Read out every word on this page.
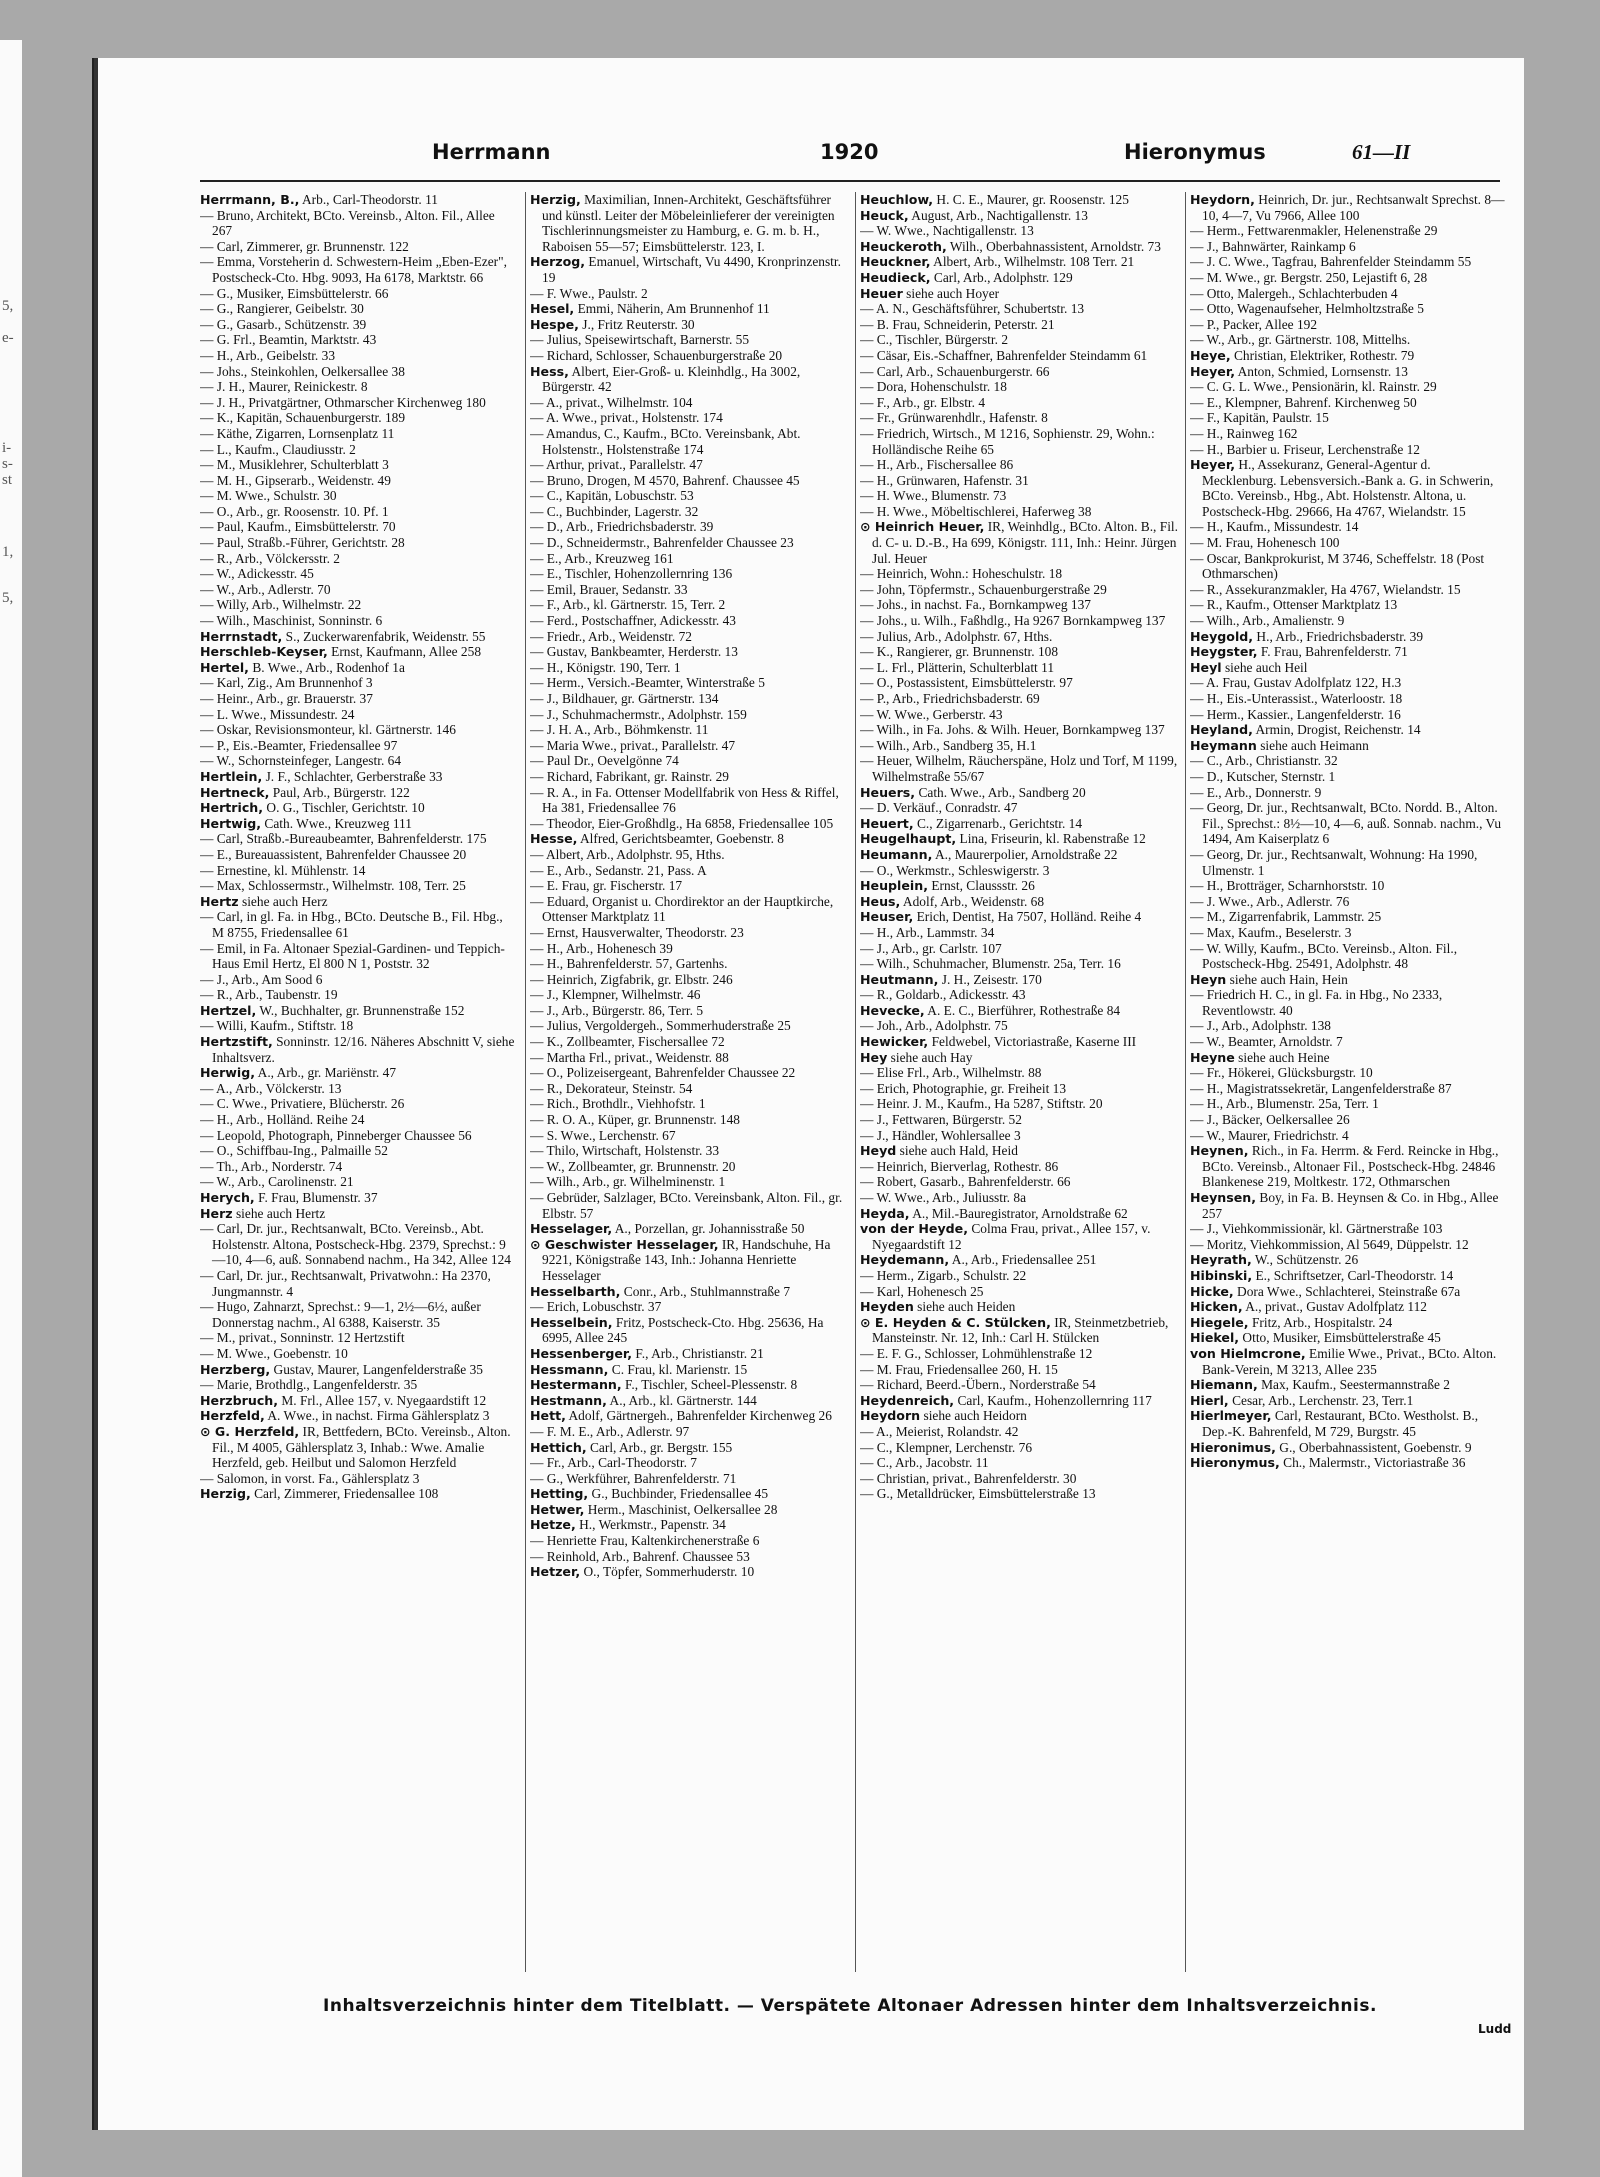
5,
e-
i-
s-
st
1,
5,
Herrmann	1920	Hieronymus	61—II

Herrmann, B., Arb., Carl-Theodorstr. 11

— Bruno, Architekt, BCto. Vereinsb., Alton. Fil., Allee 267

— Carl, Zimmerer, gr. Brunnenstr. 122

— Emma, Vorsteherin d. Schwestern-Heim „Eben-Ezer", Postscheck-Cto. Hbg. 9093, Ha 6178, Marktstr. 66

— G., Musiker, Eimsbüttelerstr. 66

— G., Rangierer, Geibelstr. 30

— G., Gasarb., Schützenstr. 39

— G. Frl., Beamtin, Marktstr. 43

— H., Arb., Geibelstr. 33

— Johs., Steinkohlen, Oelkersallee 38

— J. H., Maurer, Reinickestr. 8

— J. H., Privatgärtner, Othmarscher Kirchenweg 180

— K., Kapitän, Schauenburgerstr. 189

— Käthe, Zigarren, Lornsenplatz 11

— L., Kaufm., Claudiusstr. 2

— M., Musiklehrer, Schulterblatt 3

— M. H., Gipserarb., Weidenstr. 49

— M. Wwe., Schulstr. 30

— O., Arb., gr. Roosenstr. 10. Pf. 1

— Paul, Kaufm., Eimsbüttelerstr. 70

— Paul, Straßb.-Führer, Gerichtstr. 28

— R., Arb., Völckersstr. 2

— W., Adickesstr. 45

— W., Arb., Adlerstr. 70

— Willy, Arb., Wilhelmstr. 22

— Wilh., Maschinist, Sonninstr. 6

Herrnstadt, S., Zuckerwarenfabrik, Weidenstr. 55

Herschleb-Keyser, Ernst, Kaufmann, Allee 258

Hertel, B. Wwe., Arb., Rodenhof 1a

— Karl, Zig., Am Brunnenhof 3

— Heinr., Arb., gr. Brauerstr. 37

— L. Wwe., Missundestr. 24

— Oskar, Revisionsmonteur, kl. Gärtnerstr. 146

— P., Eis.-Beamter, Friedensallee 97

— W., Schornsteinfeger, Langestr. 64

Hertlein, J. F., Schlachter, Gerberstraße 33

Hertneck, Paul, Arb., Bürgerstr. 122

Hertrich, O. G., Tischler, Gerichtstr. 10

Hertwig, Cath. Wwe., Kreuzweg 111

— Carl, Straßb.-Bureaubeamter, Bahrenfelderstr. 175

— E., Bureauassistent, Bahrenfelder Chaussee 20

— Ernestine, kl. Mühlenstr. 14

— Max, Schlossermstr., Wilhelmstr. 108, Terr. 25

Hertz siehe auch Herz

— Carl, in gl. Fa. in Hbg., BCto. Deutsche B., Fil. Hbg., M 8755, Friedensallee 61

— Emil, in Fa. Altonaer Spezial-Gardinen- und Teppich-Haus Emil Hertz, El 800 N 1, Poststr. 32

— J., Arb., Am Sood 6

— R., Arb., Taubenstr. 19

Hertzel, W., Buchhalter, gr. Brunnenstraße 152

— Willi, Kaufm., Stiftstr. 18

Hertzstift, Sonninstr. 12/16. Näheres Abschnitt V, siehe Inhaltsverz.

Herwig, A., Arb., gr. Mariënstr. 47

— A., Arb., Völckerstr. 13

— C. Wwe., Privatiere, Blücherstr. 26

— H., Arb., Holländ. Reihe 24

— Leopold, Photograph, Pinneberger Chaussee 56

— O., Schiffbau-Ing., Palmaille 52

— Th., Arb., Norderstr. 74

— W., Arb., Carolinenstr. 21

Herych, F. Frau, Blumenstr. 37

Herz siehe auch Hertz

— Carl, Dr. jur., Rechtsanwalt, BCto. Vereinsb., Abt. Holstenstr. Altona, Postscheck-Hbg. 2379, Sprechst.: 9—10, 4—6, auß. Sonnabend nachm., Ha 342, Allee 124

— Carl, Dr. jur., Rechtsanwalt, Privatwohn.: Ha 2370, Jungmannstr. 4

— Hugo, Zahnarzt, Sprechst.: 9—1, 2½—6½, außer Donnerstag nachm., Al 6388, Kaiserstr. 35

— M., privat., Sonninstr. 12 Hertzstift

— M. Wwe., Goebenstr. 10

Herzberg, Gustav, Maurer, Langenfelderstraße 35

— Marie, Brothdlg., Langenfelderstr. 35

Herzbruch, M. Frl., Allee 157, v. Nyegaardstift 12

Herzfeld, A. Wwe., in nachst. Firma Gählersplatz 3

⊙ G. Herzfeld, IR, Bettfedern, BCto. Vereinsb., Alton. Fil., M 4005, Gählersplatz 3, Inhab.: Wwe. Amalie Herzfeld, geb. Heilbut und Salomon Herzfeld

— Salomon, in vorst. Fa., Gählersplatz 3

Herzig, Carl, Zimmerer, Friedensallee 108

Herzig, Maximilian, Innen-Architekt, Geschäftsführer und künstl. Leiter der Möbeleinlieferer der vereinigten Tischlerinnungsmeister zu Hamburg, e. G. m. b. H., Raboisen 55—57; Eimsbüttelerstr. 123, I.

Herzog, Emanuel, Wirtschaft, Vu 4490, Kronprinzenstr. 19

— F. Wwe., Paulstr. 2

Hesel, Emmi, Näherin, Am Brunnenhof 11

Hespe, J., Fritz Reuterstr. 30

— Julius, Speisewirtschaft, Barnerstr. 55

— Richard, Schlosser, Schauenburgerstraße 20

Hess, Albert, Eier-Groß- u. Kleinhdlg., Ha 3002, Bürgerstr. 42

— A., privat., Wilhelmstr. 104

— A. Wwe., privat., Holstenstr. 174

— Amandus, C., Kaufm., BCto. Vereinsbank, Abt. Holstenstr., Holstenstraße 174

— Arthur, privat., Parallelstr. 47

— Bruno, Drogen, M 4570, Bahrenf. Chaussee 45

— C., Kapitän, Lobuschstr. 53

— C., Buchbinder, Lagerstr. 32

— D., Arb., Friedrichsbaderstr. 39

— D., Schneidermstr., Bahrenfelder Chaussee 23

— E., Arb., Kreuzweg 161

— E., Tischler, Hohenzollernring 136

— Emil, Brauer, Sedanstr. 33

— F., Arb., kl. Gärtnerstr. 15, Terr. 2

— Ferd., Postschaffner, Adickesstr. 43

— Friedr., Arb., Weidenstr. 72

— Gustav, Bankbeamter, Herderstr. 13

— H., Königstr. 190, Terr. 1

— Herm., Versich.-Beamter, Winterstraße 5

— J., Bildhauer, gr. Gärtnerstr. 134

— J., Schuhmachermstr., Adolphstr. 159

— J. H. A., Arb., Böhmkenstr. 11

— Maria Wwe., privat., Parallelstr. 47

— Paul Dr., Oevelgönne 74

— Richard, Fabrikant, gr. Rainstr. 29

— R. A., in Fa. Ottenser Modellfabrik von Hess & Riffel, Ha 381, Friedensallee 76

— Theodor, Eier-Großhdlg., Ha 6858, Friedensallee 105

Hesse, Alfred, Gerichtsbeamter, Goebenstr. 8

— Albert, Arb., Adolphstr. 95, Hths.

— E., Arb., Sedanstr. 21, Pass. A

— E. Frau, gr. Fischerstr. 17

— Eduard, Organist u. Chordirektor an der Hauptkirche, Ottenser Marktplatz 11

— Ernst, Hausverwalter, Theodorstr. 23

— H., Arb., Hohenesch 39

— H., Bahrenfelderstr. 57, Gartenhs.

— Heinrich, Zigfabrik, gr. Elbstr. 246

— J., Klempner, Wilhelmstr. 46

— J., Arb., Bürgerstr. 86, Terr. 5

— Julius, Vergoldergeh., Sommerhuderstraße 25

— K., Zollbeamter, Fischersallee 72

— Martha Frl., privat., Weidenstr. 88

— O., Polizeisergeant, Bahrenfelder Chaussee 22

— R., Dekorateur, Steinstr. 54

— Rich., Brothdlr., Viehhofstr. 1

— R. O. A., Küper, gr. Brunnenstr. 148

— S. Wwe., Lerchenstr. 67

— Thilo, Wirtschaft, Holstenstr. 33

— W., Zollbeamter, gr. Brunnenstr. 20

— Wilh., Arb., gr. Wilhelminenstr. 1

— Gebrüder, Salzlager, BCto. Vereinsbank, Alton. Fil., gr. Elbstr. 57

Hesselager, A., Porzellan, gr. Johannisstraße 50

⊙ Geschwister Hesselager, IR, Handschuhe, Ha 9221, Königstraße 143, Inh.: Johanna Henriette Hesselager

Hesselbarth, Conr., Arb., Stuhlmannstraße 7

— Erich, Lobuschstr. 37

Hesselbein, Fritz, Postscheck-Cto. Hbg. 25636, Ha 6995, Allee 245

Hessenberger, F., Arb., Christianstr. 21

Hessmann, C. Frau, kl. Marienstr. 15

Hestermann, F., Tischler, Scheel-Plessenstr. 8

Hestmann, A., Arb., kl. Gärtnerstr. 144

Hett, Adolf, Gärtnergeh., Bahrenfelder Kirchenweg 26

— F. M. E., Arb., Adlerstr. 97

Hettich, Carl, Arb., gr. Bergstr. 155

— Fr., Arb., Carl-Theodorstr. 7

— G., Werkführer, Bahrenfelderstr. 71

Hetting, G., Buchbinder, Friedensallee 45

Hetwer, Herm., Maschinist, Oelkersallee 28

Hetze, H., Werkmstr., Papenstr. 34

— Henriette Frau, Kaltenkirchenerstraße 6

— Reinhold, Arb., Bahrenf. Chaussee 53

Hetzer, O., Töpfer, Sommerhuderstr. 10

Heuchlow, H. C. E., Maurer, gr. Roosenstr. 125

Heuck, August, Arb., Nachtigallenstr. 13

— W. Wwe., Nachtigallenstr. 13

Heuckeroth, Wilh., Oberbahnassistent, Arnoldstr. 73

Heuckner, Albert, Arb., Wilhelmstr. 108 Terr. 21

Heudieck, Carl, Arb., Adolphstr. 129

Heuer siehe auch Hoyer

— A. N., Geschäftsführer, Schubertstr. 13

— B. Frau, Schneiderin, Peterstr. 21

— C., Tischler, Bürgerstr. 2

— Cäsar, Eis.-Schaffner, Bahrenfelder Steindamm 61

— Carl, Arb., Schauenburgerstr. 66

— Dora, Hohenschulstr. 18

— F., Arb., gr. Elbstr. 4

— Fr., Grünwarenhdlr., Hafenstr. 8

— Friedrich, Wirtsch., M 1216, Sophienstr. 29, Wohn.: Holländische Reihe 65

— H., Arb., Fischersallee 86

— H., Grünwaren, Hafenstr. 31

— H. Wwe., Blumenstr. 73

— H. Wwe., Möbeltischlerei, Haferweg 38

⊙ Heinrich Heuer, IR, Weinhdlg., BCto. Alton. B., Fil. d. C- u. D.-B., Ha 699, Königstr. 111, Inh.: Heinr. Jürgen Jul. Heuer

— Heinrich, Wohn.: Hoheschulstr. 18

— John, Töpfermstr., Schauenburgerstraße 29

— Johs., in nachst. Fa., Bornkampweg 137

— Johs., u. Wilh., Faßhdlg., Ha 9267 Bornkampweg 137

— Julius, Arb., Adolphstr. 67, Hths.

— K., Rangierer, gr. Brunnenstr. 108

— L. Frl., Plätterin, Schulterblatt 11

— O., Postassistent, Eimsbüttelerstr. 97

— P., Arb., Friedrichsbaderstr. 69

— W. Wwe., Gerberstr. 43

— Wilh., in Fa. Johs. & Wilh. Heuer, Bornkampweg 137

— Wilh., Arb., Sandberg 35, H.1

— Heuer, Wilhelm, Räucherspäne, Holz und Torf, M 1199, Wilhelmstraße 55/67

Heuers, Cath. Wwe., Arb., Sandberg 20

— D. Verkäuf., Conradstr. 47

Heuert, C., Zigarrenarb., Gerichtstr. 14

Heugelhaupt, Lina, Friseurin, kl. Rabenstraße 12

Heumann, A., Maurerpolier, Arnoldstraße 22

— O., Werkmstr., Schleswigerstr. 3

Heuplein, Ernst, Claussstr. 26

Heus, Adolf, Arb., Weidenstr. 68

Heuser, Erich, Dentist, Ha 7507, Holländ. Reihe 4

— H., Arb., Lammstr. 34

— J., Arb., gr. Carlstr. 107

— Wilh., Schuhmacher, Blumenstr. 25a, Terr. 16

Heutmann, J. H., Zeisestr. 170

— R., Goldarb., Adickesstr. 43

Hevecke, A. E. C., Bierführer, Rothestraße 84

— Joh., Arb., Adolphstr. 75

Hewicker, Feldwebel, Victoriastraße, Kaserne III

Hey siehe auch Hay

— Elise Frl., Arb., Wilhelmstr. 88

— Erich, Photographie, gr. Freiheit 13

— Heinr. J. M., Kaufm., Ha 5287, Stiftstr. 20

— J., Fettwaren, Bürgerstr. 52

— J., Händler, Wohlersallee 3

Heyd siehe auch Hald, Heid

— Heinrich, Bierverlag, Rothestr. 86

— Robert, Gasarb., Bahrenfelderstr. 66

— W. Wwe., Arb., Juliusstr. 8a

Heyda, A., Mil.-Bauregistrator, Arnoldstraße 62

von der Heyde, Colma Frau, privat., Allee 157, v. Nyegaardstift 12

Heydemann, A., Arb., Friedensallee 251

— Herm., Zigarb., Schulstr. 22

— Karl, Hohenesch 25

Heyden siehe auch Heiden

⊙ E. Heyden & C. Stülcken, IR, Steinmetzbetrieb, Mansteinstr. Nr. 12, Inh.: Carl H. Stülcken

— E. F. G., Schlosser, Lohmühlenstraße 12

— M. Frau, Friedensallee 260, H. 15

— Richard, Beerd.-Übern., Norderstraße 54

Heydenreich, Carl, Kaufm., Hohenzollernring 117

Heydorn siehe auch Heidorn

— A., Meierist, Rolandstr. 42

— C., Klempner, Lerchenstr. 76

— C., Arb., Jacobstr. 11

— Christian, privat., Bahrenfelderstr. 30

— G., Metalldrücker, Eimsbüttelerstraße 13

Heydorn, Heinrich, Dr. jur., Rechtsanwalt Sprechst. 8—10, 4—7, Vu 7966, Allee 100

— Herm., Fettwarenmakler, Helenenstraße 29

— J., Bahnwärter, Rainkamp 6

— J. C. Wwe., Tagfrau, Bahrenfelder Steindamm 55

— M. Wwe., gr. Bergstr. 250, Lejastift 6, 28

— Otto, Malergeh., Schlachterbuden 4

— Otto, Wagenaufseher, Helmholtzstraße 5

— P., Packer, Allee 192

— W., Arb., gr. Gärtnerstr. 108, Mittelhs.

Heye, Christian, Elektriker, Rothestr. 79

Heyer, Anton, Schmied, Lornsenstr. 13

— C. G. L. Wwe., Pensionärin, kl. Rainstr. 29

— E., Klempner, Bahrenf. Kirchenweg 50

— F., Kapitän, Paulstr. 15

— H., Rainweg 162

— H., Barbier u. Friseur, Lerchenstraße 12

Heyer, H., Assekuranz, General-Agentur d. Mecklenburg. Lebensversich.-Bank a. G. in Schwerin, BCto. Vereinsb., Hbg., Abt. Holstenstr. Altona, u. Postscheck-Hbg. 29666, Ha 4767, Wielandstr. 15

— H., Kaufm., Missundestr. 14

— M. Frau, Hohenesch 100

— Oscar, Bankprokurist, M 3746, Scheffelstr. 18 (Post Othmarschen)

— R., Assekuranzmakler, Ha 4767, Wielandstr. 15

— R., Kaufm., Ottenser Marktplatz 13

— Wilh., Arb., Amalienstr. 9

Heygold, H., Arb., Friedrichsbaderstr. 39

Heygster, F. Frau, Bahrenfelderstr. 71

Heyl siehe auch Heil

— A. Frau, Gustav Adolfplatz 122, H.3

— H., Eis.-Unterassist., Waterloostr. 18

— Herm., Kassier., Langenfelderstr. 16

Heyland, Armin, Drogist, Reichenstr. 14

Heymann siehe auch Heimann

— C., Arb., Christianstr. 32

— D., Kutscher, Sternstr. 1

— E., Arb., Donnerstr. 9

— Georg, Dr. jur., Rechtsanwalt, BCto. Nordd. B., Alton. Fil., Sprechst.: 8½—10, 4—6, auß. Sonnab. nachm., Vu 1494, Am Kaiserplatz 6

— Georg, Dr. jur., Rechtsanwalt, Wohnung: Ha 1990, Ulmenstr. 1

— H., Brotträger, Scharnhorststr. 10

— J. Wwe., Arb., Adlerstr. 76

— M., Zigarrenfabrik, Lammstr. 25

— Max, Kaufm., Beselerstr. 3

— W. Willy, Kaufm., BCto. Vereinsb., Alton. Fil., Postscheck-Hbg. 25491, Adolphstr. 48

Heyn siehe auch Hain, Hein

— Friedrich H. C., in gl. Fa. in Hbg., No 2333, Reventlowstr. 40

— J., Arb., Adolphstr. 138

— W., Beamter, Arnoldstr. 7

Heyne siehe auch Heine

— Fr., Hökerei, Glücksburgstr. 10

— H., Magistratssekretär, Langenfelderstraße 87

— H., Arb., Blumenstr. 25a, Terr. 1

— J., Bäcker, Oelkersallee 26

— W., Maurer, Friedrichstr. 4

Heynen, Rich., in Fa. Herrm. & Ferd. Reincke in Hbg., BCto. Vereinsb., Altonaer Fil., Postscheck-Hbg. 24846 Blankenese 219, Moltkestr. 172, Othmarschen

Heynsen, Boy, in Fa. B. Heynsen & Co. in Hbg., Allee 257

— J., Viehkommissionär, kl. Gärtnerstraße 103

— Moritz, Viehkommission, Al 5649, Düppelstr. 12

Heyrath, W., Schützenstr. 26

Hibinski, E., Schriftsetzer, Carl-Theodorstr. 14

Hicke, Dora Wwe., Schlachterei, Steinstraße 67a

Hicken, A., privat., Gustav Adolfplatz 112

Hiegele, Fritz, Arb., Hospitalstr. 24

Hiekel, Otto, Musiker, Eimsbüttelerstraße 45

von Hielmcrone, Emilie Wwe., Privat., BCto. Alton. Bank-Verein, M 3213, Allee 235

Hiemann, Max, Kaufm., Seestermannstraße 2

Hierl, Cesar, Arb., Lerchenstr. 23, Terr.1

Hierlmeyer, Carl, Restaurant, BCto. Westholst. B., Dep.-K. Bahrenfeld, M 729, Burgstr. 45

Hieronimus, G., Oberbahnassistent, Goebenstr. 9

Hieronymus, Ch., Malermstr., Victoriastraße 36

Inhaltsverzeichnis hinter dem Titelblatt. — Verspätete Altonaer Adressen hinter dem Inhaltsverzeichnis.
Ludd
